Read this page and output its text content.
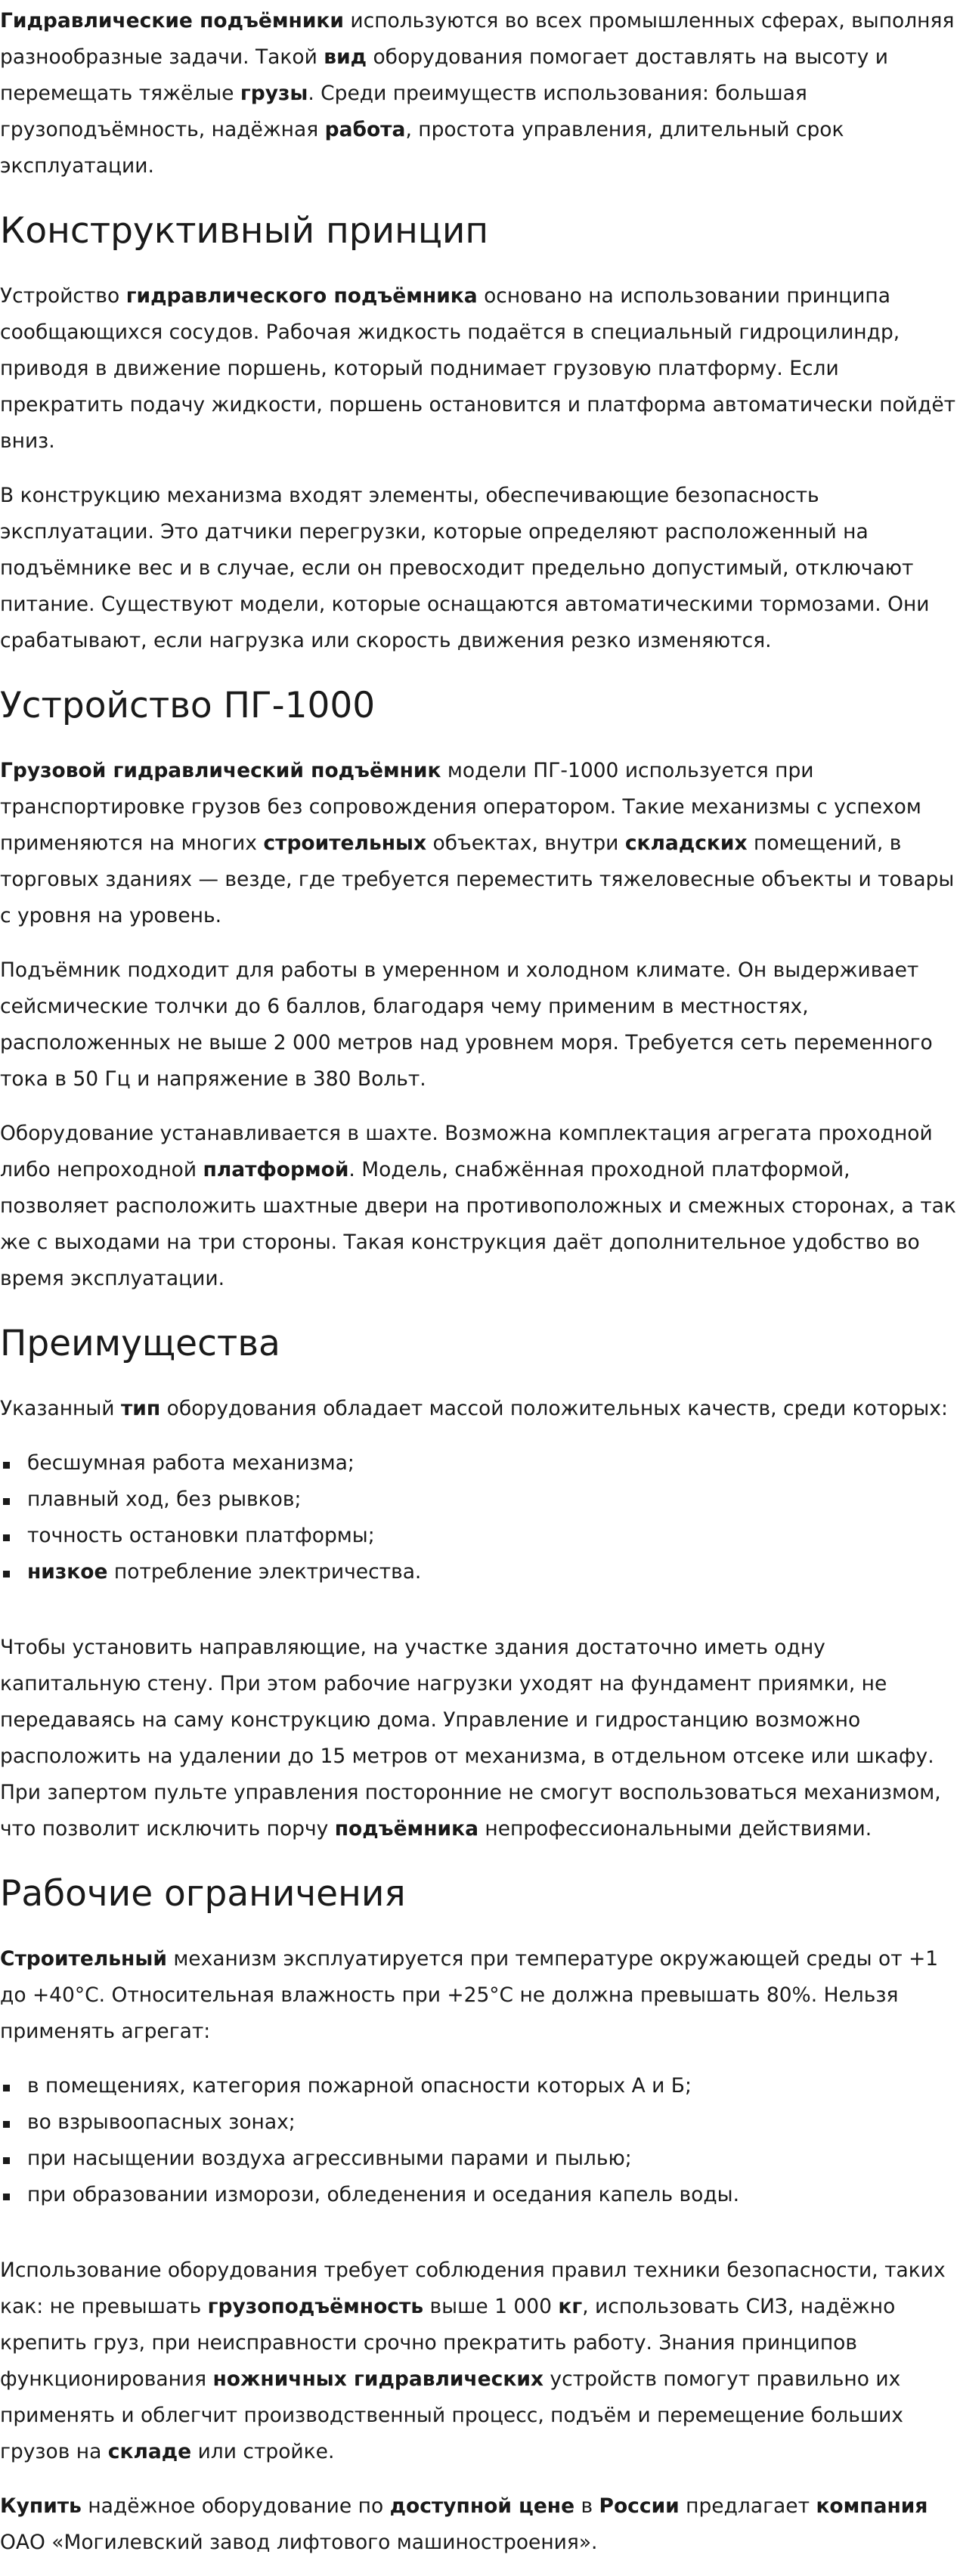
Гидравлические подъёмники используются во всех промышленных сферах, выполняя разнообразные задачи. Такой вид оборудования помогает доставлять на высоту и перемещать тяжёлые грузы. Среди преимуществ использования: большая грузоподъёмность, надёжная работа, простота управления, длительный срок эксплуатации.

Конструктивный принцип

Устройство гидравлического подъёмника основано на использовании принципа сообщающихся сосудов. Рабочая жидкость подаётся в специальный гидроцилиндр, приводя в движение поршень, который поднимает грузовую платформу. Если прекратить подачу жидкости, поршень остановится и платформа автоматически пойдёт вниз.

В конструкцию механизма входят элементы, обеспечивающие безопасность эксплуатации. Это датчики перегрузки, которые определяют расположенный на подъёмнике вес и в случае, если он превосходит предельно допустимый, отключают питание. Существуют модели, которые оснащаются автоматическими тормозами. Они срабатывают, если нагрузка или скорость движения резко изменяются.

Устройство ПГ-1000

Грузовой гидравлический подъёмник модели ПГ-1000 используется при транспортировке грузов без сопровождения оператором. Такие механизмы с успехом применяются на многих строительных объектах, внутри складских помещений, в торговых зданиях — везде, где требуется переместить тяжеловесные объекты и товары с уровня на уровень.

Подъёмник подходит для работы в умеренном и холодном климате. Он выдерживает сейсмические толчки до 6 баллов, благодаря чему применим в местностях, расположенных не выше 2 000 метров над уровнем моря. Требуется сеть переменного тока в 50 Гц и напряжение в 380 Вольт.

Оборудование устанавливается в шахте. Возможна комплектация агрегата проходной либо непроходной платформой. Модель, снабжённая проходной платформой, позволяет расположить шахтные двери на противоположных и смежных сторонах, а так же с выходами на три стороны. Такая конструкция даёт дополнительное удобство во время эксплуатации.

Преимущества

Указанный тип оборудования обладает массой положительных качеств, среди которых:

бесшумная работа механизма;
плавный ход, без рывков;
точность остановки платформы;
низкое потребление электричества.

Чтобы установить направляющие, на участке здания достаточно иметь одну капитальную стену. При этом рабочие нагрузки уходят на фундамент приямки, не передаваясь на саму конструкцию дома. Управление и гидростанцию возможно расположить на удалении до 15 метров от механизма, в отдельном отсеке или шкафу. При запертом пульте управления посторонние не смогут воспользоваться механизмом, что позволит исключить порчу подъёмника непрофессиональными действиями.

Рабочие ограничения

Строительный механизм эксплуатируется при температуре окружающей среды от +1 до +40°C. Относительная влажность при +25°C не должна превышать 80%. Нельзя применять агрегат:

в помещениях, категория пожарной опасности которых А и Б;
во взрывоопасных зонах;
при насыщении воздуха агрессивными парами и пылью;
при образовании изморози, обледенения и оседания капель воды.

Использование оборудования требует соблюдения правил техники безопасности, таких как: не превышать грузоподъёмность выше 1 000 кг, использовать СИЗ, надёжно крепить груз, при неисправности срочно прекратить работу. Знания принципов функционирования ножничных гидравлических устройств помогут правильно их применять и облегчит производственный процесс, подъём и перемещение больших грузов на складе или стройке.

Купить надёжное оборудование по доступной цене в России предлагает компания ОАО «Могилевский завод лифтового машиностроения».
